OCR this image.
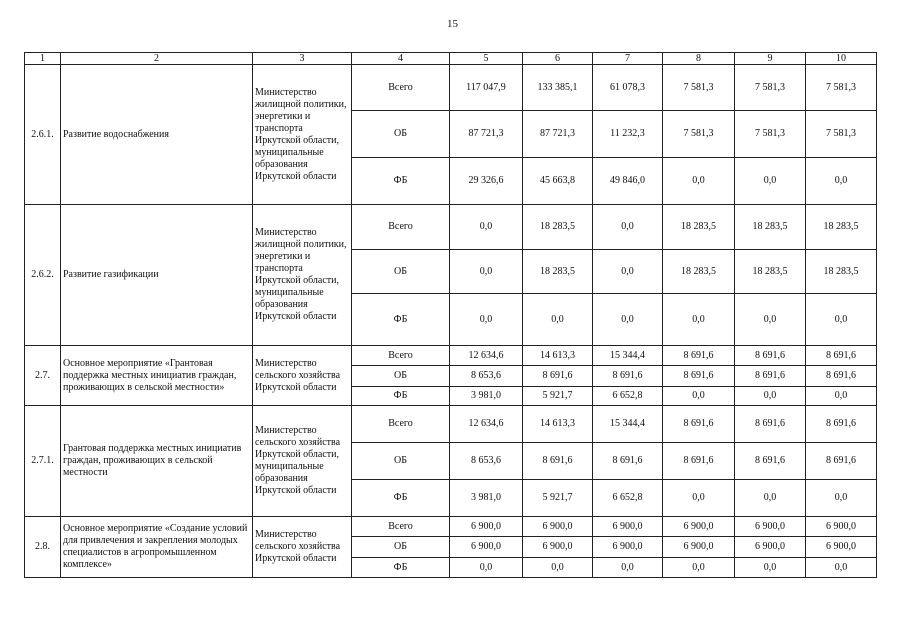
15
1	2	3	4	5	6	7	8	9	10
2.6.1.	Развитие водоснабжения	Министерство жилищной политики, энергетики и транспорта Иркутской области, муниципальные образования Иркутской области	Всего	117 047,9	133 385,1	61 078,3	7 581,3	7 581,3	7 581,3
			ОБ	87 721,3	87 721,3	11 232,3	7 581,3	7 581,3	7 581,3
			ФБ	29 326,6	45 663,8	49 846,0	0,0	0,0	0,0
2.6.2.	Развитие газификации	Министерство жилищной политики, энергетики и транспорта Иркутской области, муниципальные образования Иркутской области	Всего	0,0	18 283,5	0,0	18 283,5	18 283,5	18 283,5
			ОБ	0,0	18 283,5	0,0	18 283,5	18 283,5	18 283,5
			ФБ	0,0	0,0	0,0	0,0	0,0	0,0
2.7.	Основное мероприятие «Грантовая поддержка местных инициатив граждан, проживающих в сельской местности»	Министерство сельского хозяйства Иркутской области	Всего	12 634,6	14 613,3	15 344,4	8 691,6	8 691,6	8 691,6
			ОБ	8 653,6	8 691,6	8 691,6	8 691,6	8 691,6	8 691,6
			ФБ	3 981,0	5 921,7	6 652,8	0,0	0,0	0,0
2.7.1.	Грантовая поддержка местных инициатив граждан, проживающих в сельской местности	Министерство сельского хозяйства Иркутской области, муниципальные образования Иркутской области	Всего	12 634,6	14 613,3	15 344,4	8 691,6	8 691,6	8 691,6
			ОБ	8 653,6	8 691,6	8 691,6	8 691,6	8 691,6	8 691,6
			ФБ	3 981,0	5 921,7	6 652,8	0,0	0,0	0,0
2.8.	Основное мероприятие «Создание условий для привлечения и закрепления молодых специалистов в агропромышленном комплексе»	Министерство сельского хозяйства Иркутской области	Всего	6 900,0	6 900,0	6 900,0	6 900,0	6 900,0	6 900,0
			ОБ	6 900,0	6 900,0	6 900,0	6 900,0	6 900,0	6 900,0
			ФБ	0,0	0,0	0,0	0,0	0,0	0,0
